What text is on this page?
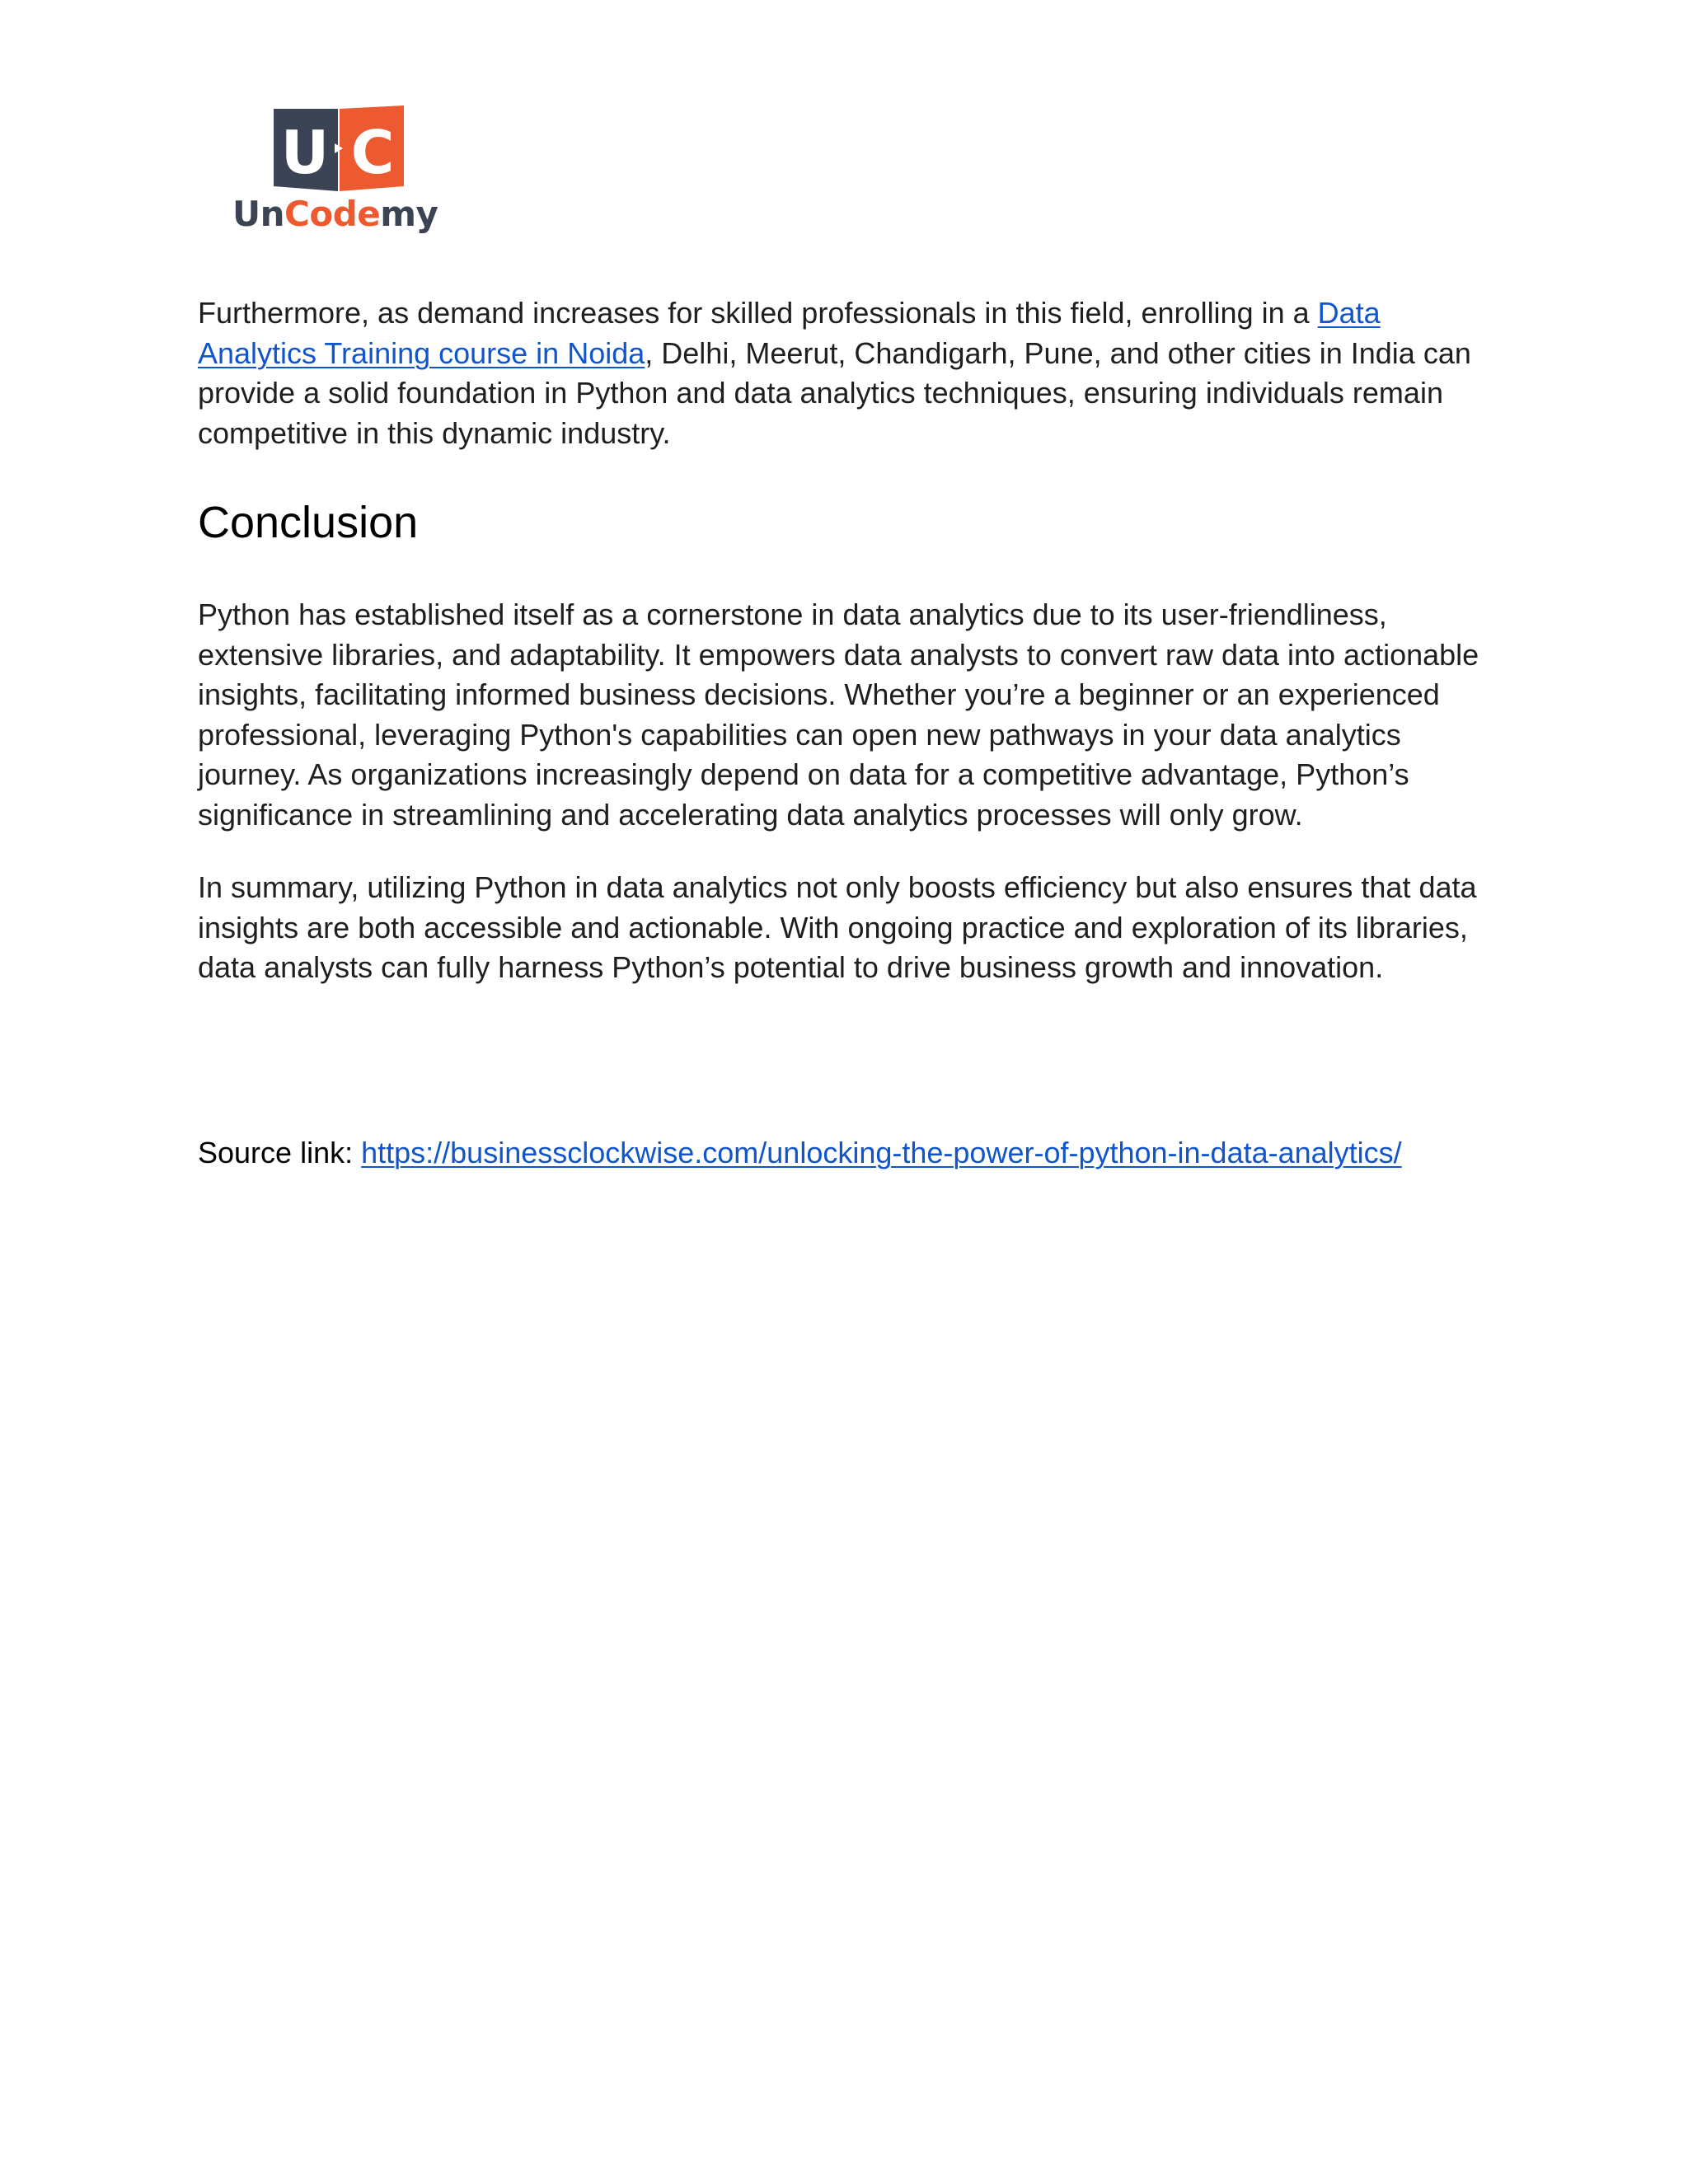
U C
UnCodemy

Furthermore, as demand increases for skilled professionals in this field, enrolling in a Data Analytics Training course in Noida, Delhi, Meerut, Chandigarh, Pune, and other cities in India can provide a solid foundation in Python and data analytics techniques, ensuring individuals remain competitive in this dynamic industry.

Conclusion

Python has established itself as a cornerstone in data analytics due to its user-friendliness, extensive libraries, and adaptability. It empowers data analysts to convert raw data into actionable insights, facilitating informed business decisions. Whether you’re a beginner or an experienced professional, leveraging Python's capabilities can open new pathways in your data analytics journey. As organizations increasingly depend on data for a competitive advantage, Python’s significance in streamlining and accelerating data analytics processes will only grow.

In summary, utilizing Python in data analytics not only boosts efficiency but also ensures that data insights are both accessible and actionable. With ongoing practice and exploration of its libraries, data analysts can fully harness Python’s potential to drive business growth and innovation.

Source link: https://businessclockwise.com/unlocking-the-power-of-python-in-data-analytics/
